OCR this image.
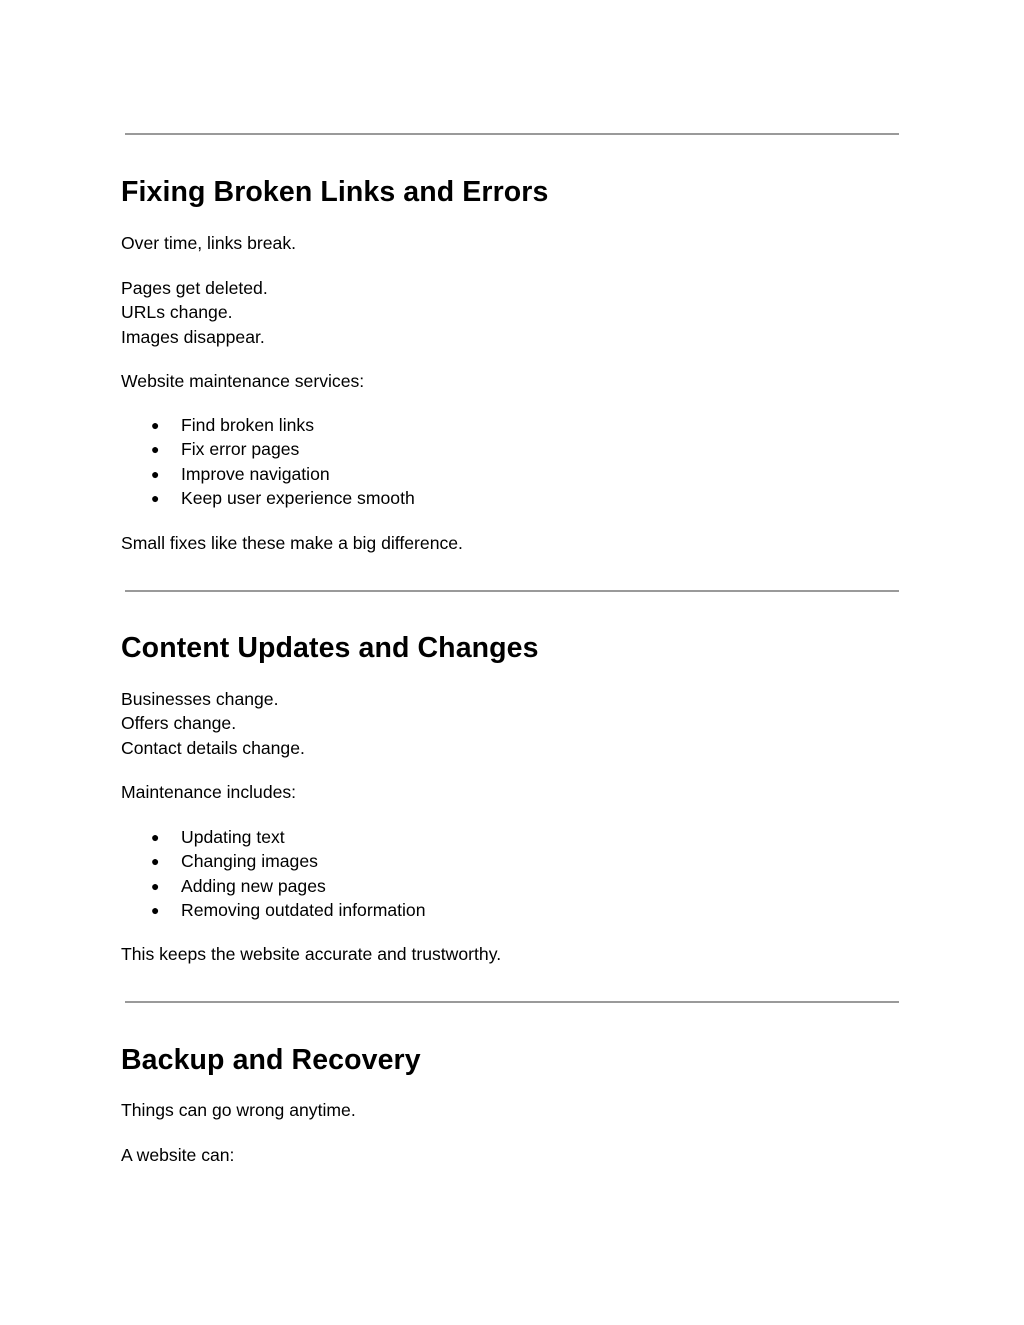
Fixing Broken Links and Errors

Over time, links break.

Pages get deleted.

URLs change.

Images disappear.

Website maintenance services:

● Find broken links
● Fix error pages
● Improve navigation
● Keep user experience smooth

Small fixes like these make a big difference.

Content Updates and Changes

Businesses change.

Offers change.

Contact details change.

Maintenance includes:

● Updating text
● Changing images
● Adding new pages
● Removing outdated information

This keeps the website accurate and trustworthy.

Backup and Recovery

Things can go wrong anytime.

A website can:
